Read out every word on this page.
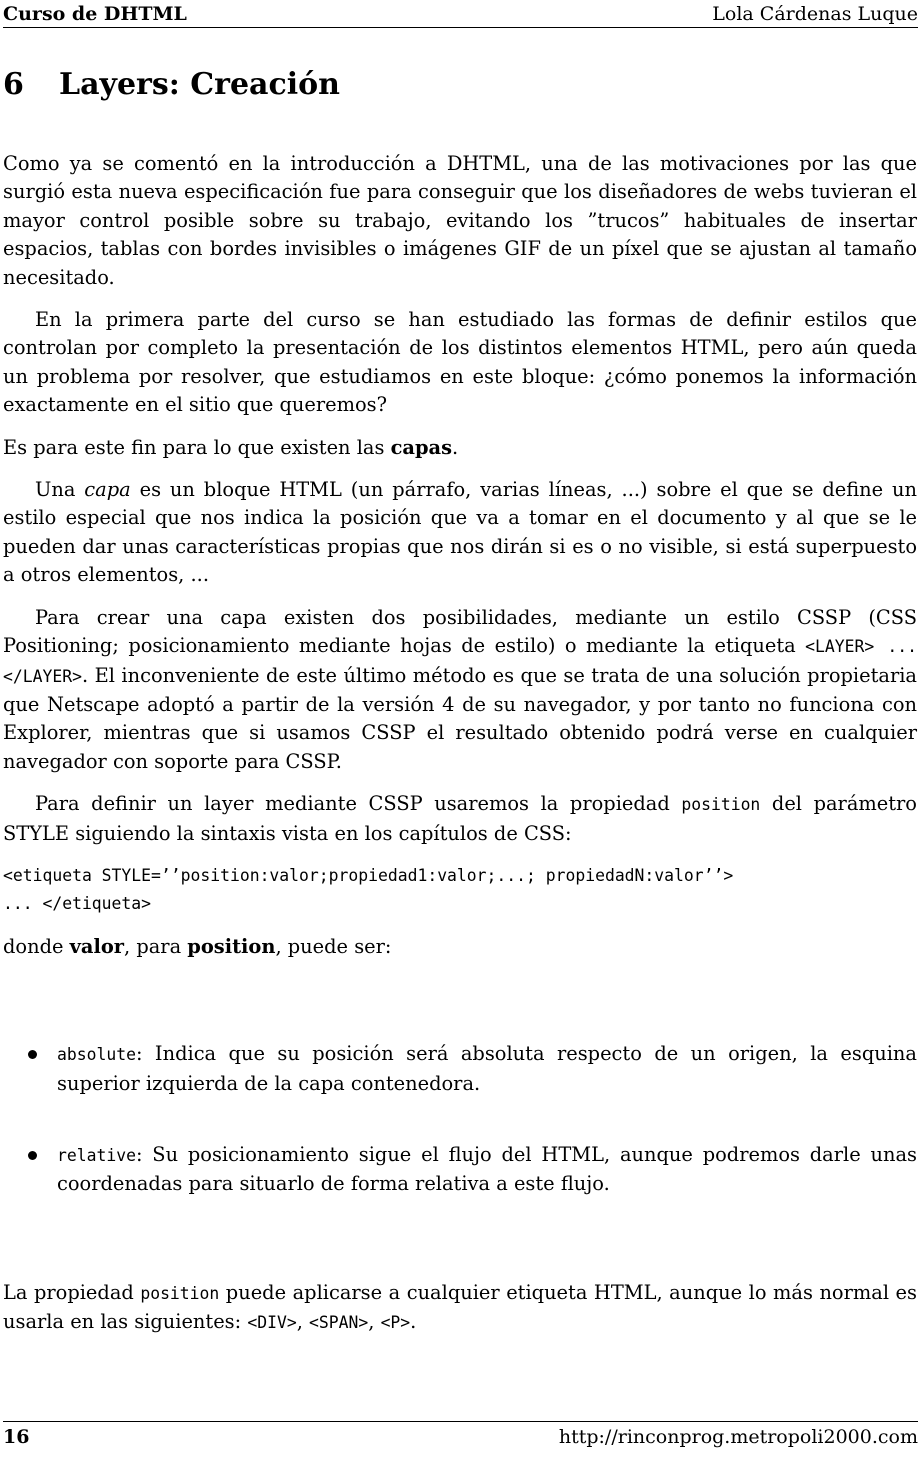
Curso de DHTML	Lola Cárdenas Luque
6 Layers: Creación

Como ya se comentó en la introducción a DHTML, una de las motivaciones por las que surgió esta nueva especificación fue para conseguir que los diseñadores de webs tuvieran el mayor control posible sobre su trabajo, evitando los ”trucos” habituales de insertar espacios, tablas con bordes invisibles o imágenes GIF de un píxel que se ajustan al tamaño necesitado.

En la primera parte del curso se han estudiado las formas de definir estilos que controlan por completo la presentación de los distintos elementos HTML, pero aún queda un problema por resolver, que estudiamos en este bloque: ¿cómo ponemos la información exactamente en el sitio que queremos?

Es para este fin para lo que existen las capas.

Una capa es un bloque HTML (un párrafo, varias líneas, ...) sobre el que se define un estilo especial que nos indica la posición que va a tomar en el documento y al que se le pueden dar unas características propias que nos dirán si es o no visible, si está superpuesto a otros elementos, ...

Para crear una capa existen dos posibilidades, mediante un estilo CSSP (CSS Positioning; posicionamiento mediante hojas de estilo) o mediante la etiqueta <LAYER> ... </LAYER>. El inconveniente de este último método es que se trata de una solución propietaria que Netscape adoptó a partir de la versión 4 de su navegador, y por tanto no funciona con Explorer, mientras que si usamos CSSP el resultado obtenido podrá verse en cualquier navegador con soporte para CSSP.

Para definir un layer mediante CSSP usaremos la propiedad position del parámetro STYLE siguiendo la sintaxis vista en los capítulos de CSS:

<etiqueta STYLE=’’position:valor;propiedad1:valor;...; propiedadN:valor’’>
... </etiqueta>

donde valor, para position, puede ser:

absolute: Indica que su posición será absoluta respecto de un origen, la esquina superior izquierda de la capa contenedora.
relative: Su posicionamiento sigue el flujo del HTML, aunque podremos darle unas coordenadas para situarlo de forma relativa a este flujo.

La propiedad position puede aplicarse a cualquier etiqueta HTML, aunque lo más normal es usarla en las siguientes: <DIV>, <SPAN>, <P>.

16	http://rinconprog.metropoli2000.com
